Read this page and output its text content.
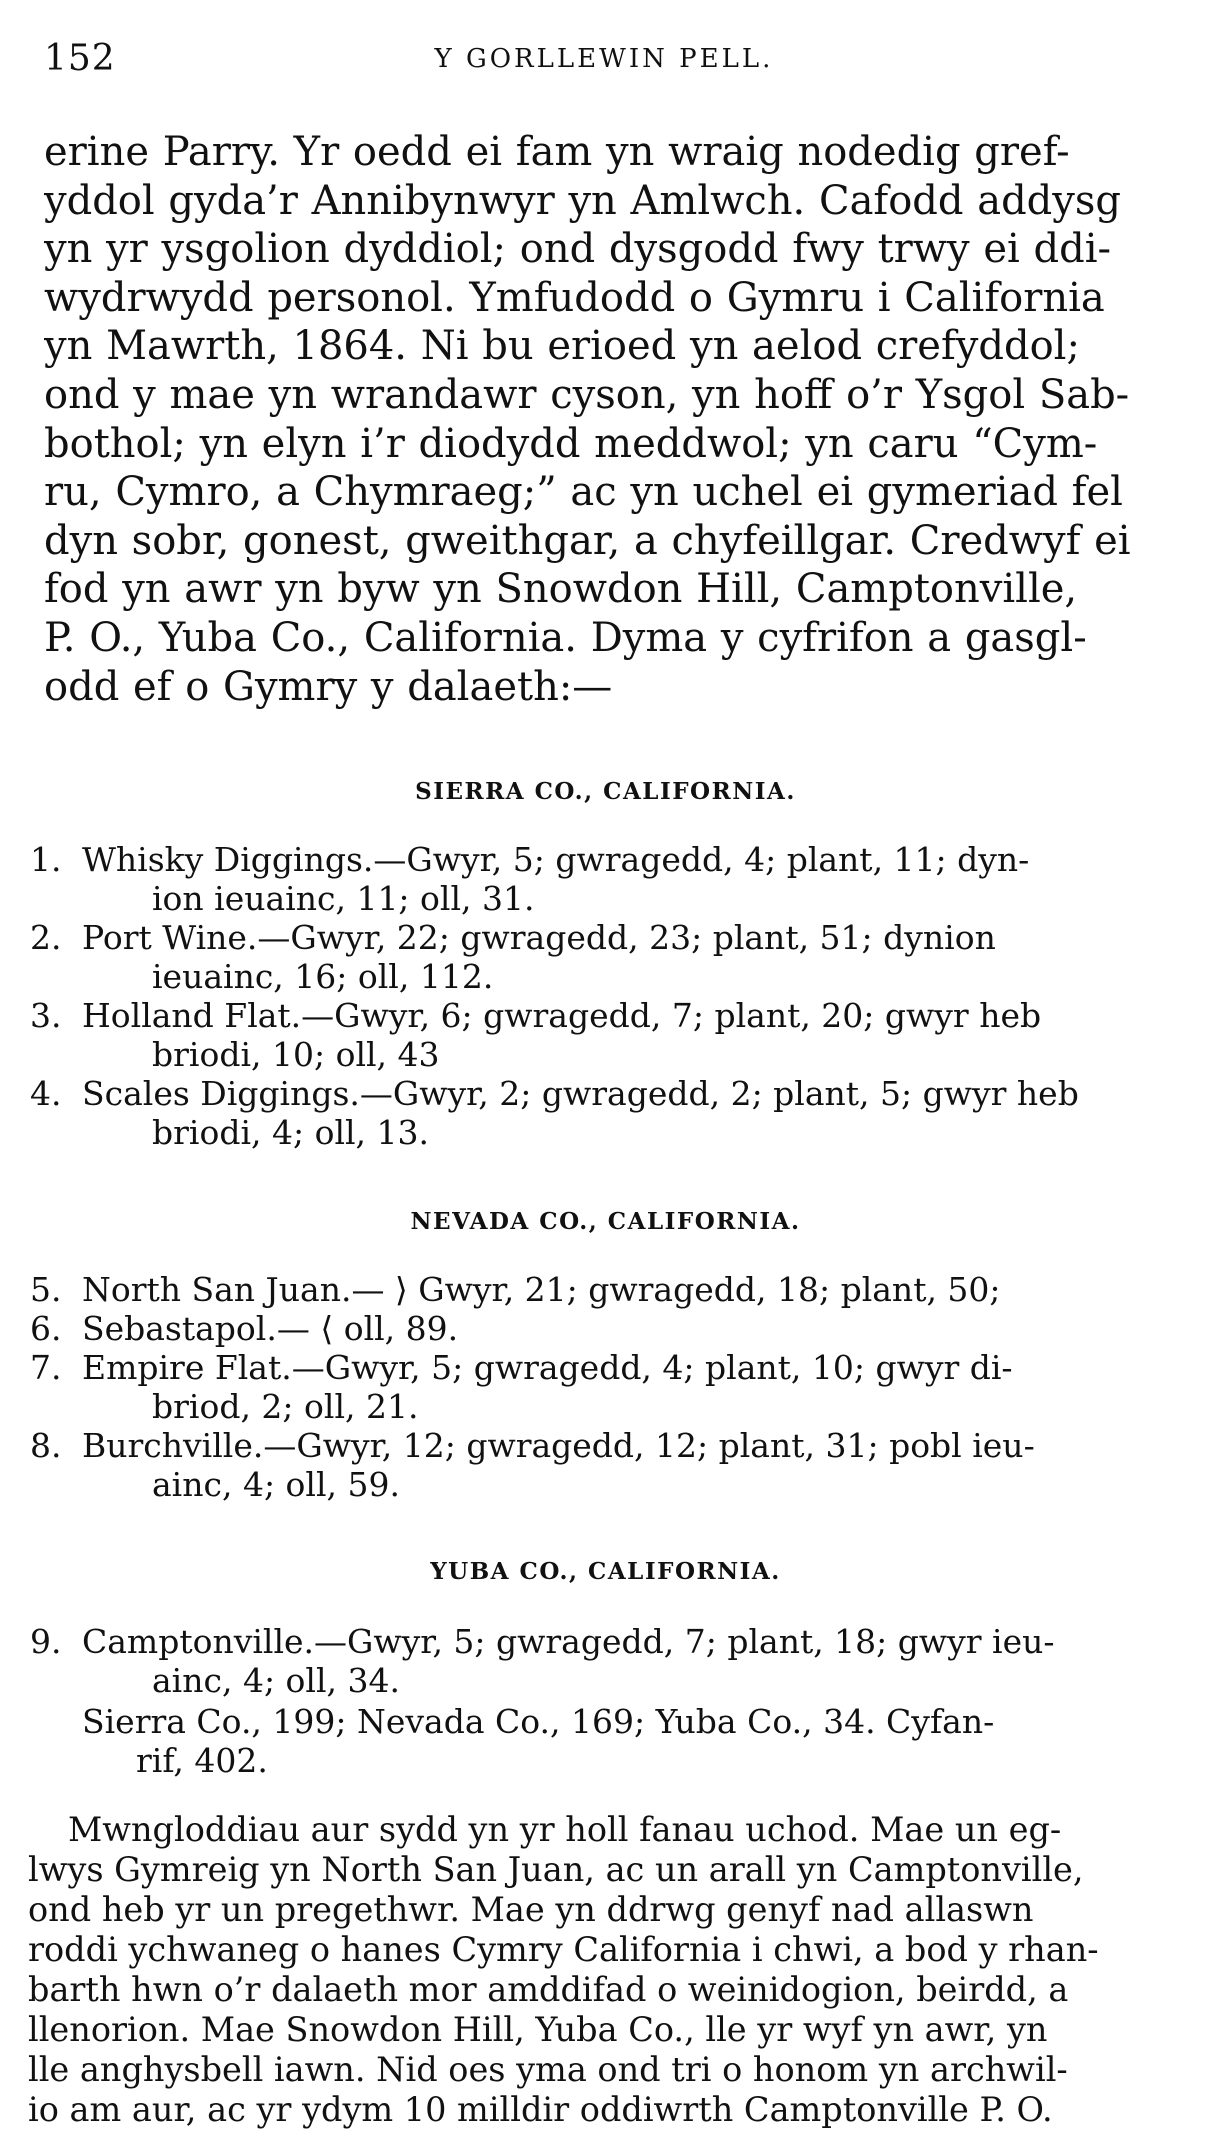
152	Y GORLLEWIN PELL.

erine Parry. Yr oedd ei fam yn wraig nodedig gref-
yddol gyda’r Annibynwyr yn Amlwch. Cafodd addysg
yn yr ysgolion dyddiol; ond dysgodd fwy trwy ei ddi-
wydrwydd personol. Ymfudodd o Gymru i California
yn Mawrth, 1864. Ni bu erioed yn aelod crefyddol;
ond y mae yn wrandawr cyson, yn hoff o’r Ysgol Sab-
bothol; yn elyn i’r diodydd meddwol; yn caru “Cym-
ru, Cymro, a Chymraeg;” ac yn uchel ei gymeriad fel
dyn sobr, gonest, gweithgar, a chyfeillgar. Credwyf ei
fod yn awr yn byw yn Snowdon Hill, Camptonville,
P. O., Yuba Co., California. Dyma y cyfrifon a gasgl-
odd ef o Gymry y dalaeth:—

SIERRA CO., CALIFORNIA.
1. Whisky Diggings.—Gwyr, 5; gwragedd, 4; plant, 11; dyn-
ion ieuainc, 11; oll, 31.
2. Port Wine.—Gwyr, 22; gwragedd, 23; plant, 51; dynion
ieuainc, 16; oll, 112.
3. Holland Flat.—Gwyr, 6; gwragedd, 7; plant, 20; gwyr heb
briodi, 10; oll, 43
4. Scales Diggings.—Gwyr, 2; gwragedd, 2; plant, 5; gwyr heb
briodi, 4; oll, 13.
NEVADA CO., CALIFORNIA.
5. North San Juan.— ⟩ Gwyr, 21; gwragedd, 18; plant, 50;
6. Sebastapol.— ⟨ oll, 89.
7. Empire Flat.—Gwyr, 5; gwragedd, 4; plant, 10; gwyr di-
briod, 2; oll, 21.
8. Burchville.—Gwyr, 12; gwragedd, 12; plant, 31; pobl ieu-
ainc, 4; oll, 59.
YUBA CO., CALIFORNIA.
9. Camptonville.—Gwyr, 5; gwragedd, 7; plant, 18; gwyr ieu-
ainc, 4; oll, 34.
Sierra Co., 199; Nevada Co., 169; Yuba Co., 34. Cyfan-
rif, 402.

Mwngloddiau aur sydd yn yr holl fanau uchod. Mae un eg-
lwys Gymreig yn North San Juan, ac un arall yn Camptonville,
ond heb yr un pregethwr. Mae yn ddrwg genyf nad allaswn
roddi ychwaneg o hanes Cymry California i chwi, a bod y rhan-
barth hwn o’r dalaeth mor amddifad o weinidogion, beirdd, a
llenorion. Mae Snowdon Hill, Yuba Co., lle yr wyf yn awr, yn
lle anghysbell iawn. Nid oes yma ond tri o honom yn archwil-
io am aur, ac yr ydym 10 milldir oddiwrth Camptonville P. O.
